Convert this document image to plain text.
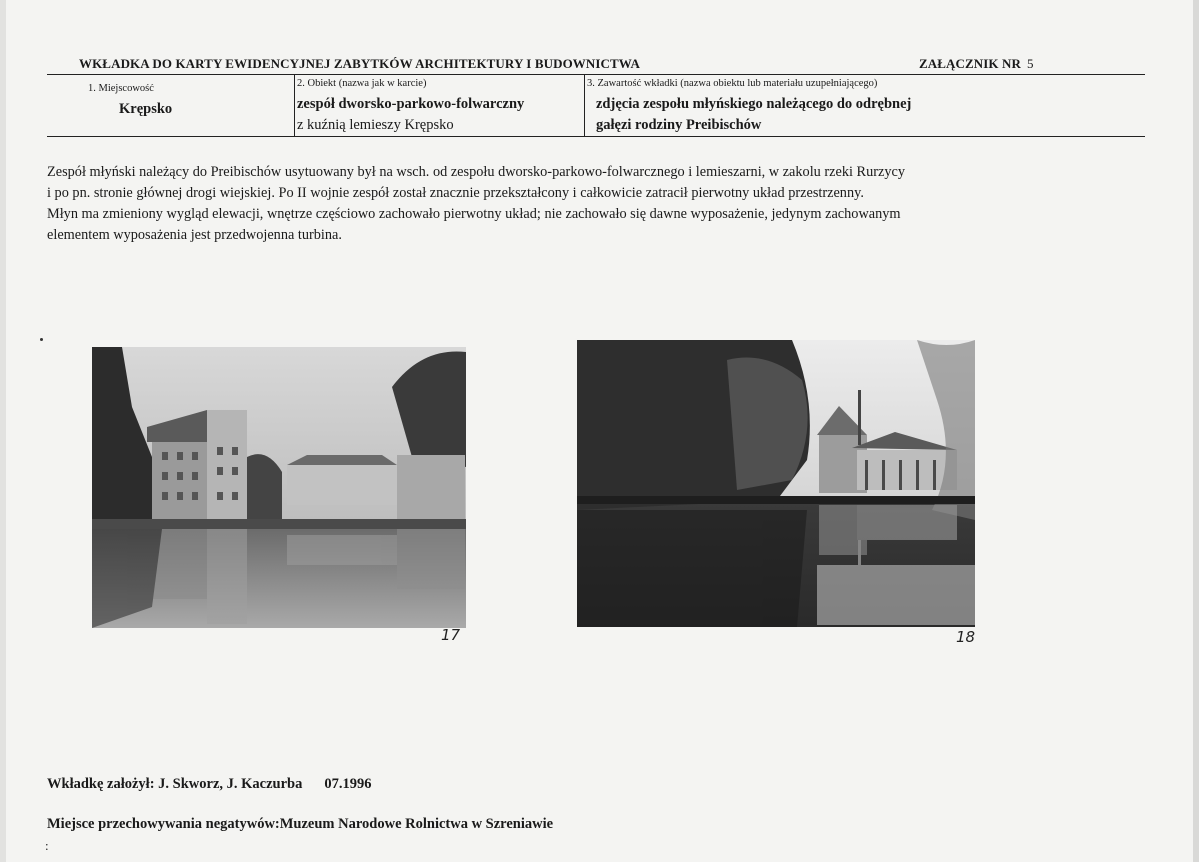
WKŁADKA DO KARTY EWIDENCYJNEJ ZABYTKÓW ARCHITEKTURY I BUDOWNICTWA	ZAŁĄCZNIK NR 5
1. Miejscowość
Krępsko
2. Obiekt (nazwa jak w karcie)
zespół dworsko-parkowo-folwarczny
z kuźnią lemieszy Krępsko
3. Zawartość wkładki (nazwa obiektu lub materiału uzupełniającego)
zdjęcia zespołu młyńskiego należącego do odrębnej
gałęzi rodziny Preibischów

Zespół młyński należący do Preibischów usytuowany był na wsch. od zespołu dworsko-parkowo-folwarcznego i lemieszarni, w zakolu rzeki Rurzycy

i po pn. stronie głównej drogi wiejskiej. Po II wojnie zespół został znacznie przekształcony i całkowicie zatracił pierwotny układ przestrzenny.

Młyn ma zmieniony wygląd elewacji, wnętrze częściowo zachowało pierwotny układ; nie zachowało się dawne wyposażenie, jedynym zachowanym

elementem wyposażenia jest przedwojenna turbina.

17	18
Wkładkę założył: J. Skworz, J. Kaczurba 07.1996
Miejsce przechowywania negatywów:Muzeum Narodowe Rolnictwa w Szreniawie
:
